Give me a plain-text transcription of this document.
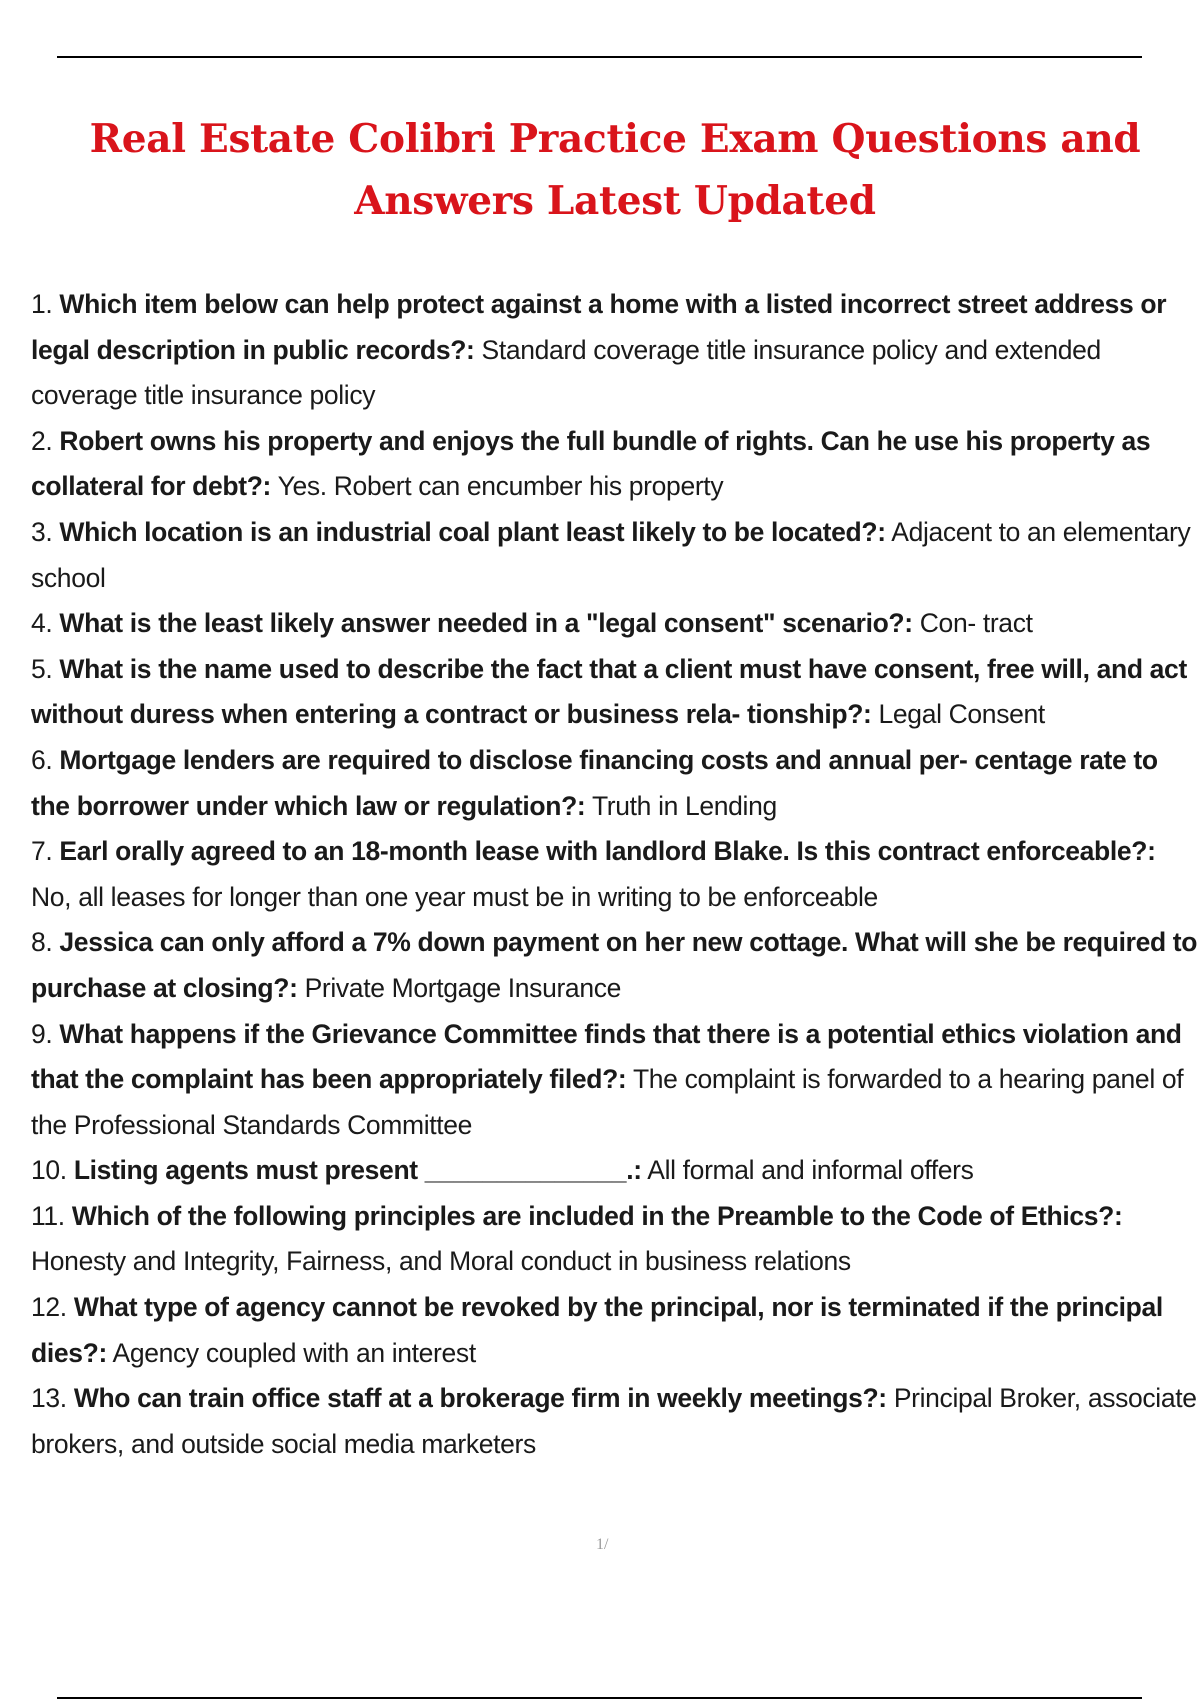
Real Estate Colibri Practice Exam Questions and Answers Latest Updated
1. Which item below can help protect against a home with a listed incorrect street address or legal description in public records?: Standard coverage title insurance policy and extended coverage title insurance policy
2. Robert owns his property and enjoys the full bundle of rights. Can he use his property as collateral for debt?: Yes. Robert can encumber his property
3. Which location is an industrial coal plant least likely to be located?: Adjacent to an elementary school
4. What is the least likely answer needed in a "legal consent" scenario?: Con- tract
5. What is the name used to describe the fact that a client must have consent, free will, and act without duress when entering a contract or business rela- tionship?: Legal Consent
6. Mortgage lenders are required to disclose financing costs and annual per- centage rate to the borrower under which law or regulation?: Truth in Lending
7. Earl orally agreed to an 18-month lease with landlord Blake. Is this contract enforceable?: No, all leases for longer than one year must be in writing to be enforceable
8. Jessica can only afford a 7% down payment on her new cottage. What will she be required to purchase at closing?: Private Mortgage Insurance
9. What happens if the Grievance Committee finds that there is a potential ethics violation and that the complaint has been appropriately filed?: The complaint is forwarded to a hearing panel of the Professional Standards Committee
10. Listing agents must present ______________.: All formal and informal offers
11. Which of the following principles are included in the Preamble to the Code of Ethics?: Honesty and Integrity, Fairness, and Moral conduct in business relations
12. What type of agency cannot be revoked by the principal, nor is terminated if the principal dies?: Agency coupled with an interest
13. Who can train office staff at a brokerage firm in weekly meetings?: Principal Broker, associate brokers, and outside social media marketers
1/
